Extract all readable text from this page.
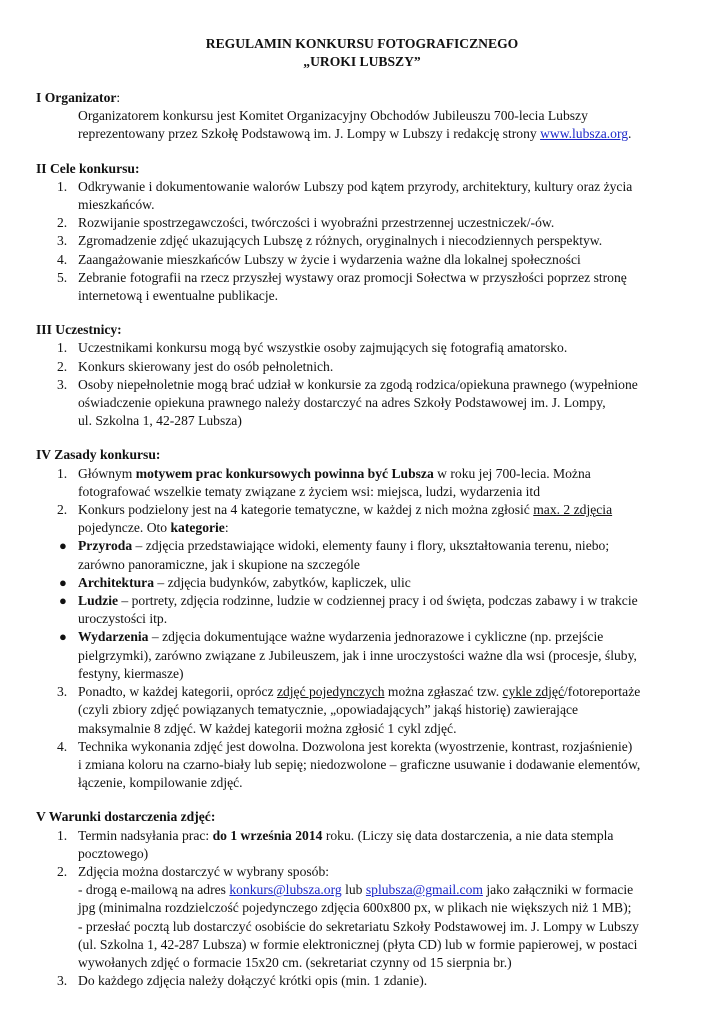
REGULAMIN KONKURSU FOTOGRAFICZNEGO
„UROKI LUBSZY”
I Organizator:
Organizatorem konkursu jest Komitet Organizacyjny Obchodów Jubileuszu 700-lecia Lubszy
reprezentowany przez Szkołę Podstawową im. J. Lompy w Lubszy i redakcję strony www.lubsza.org.
II Cele konkursu:
1. Odkrywanie i dokumentowanie walorów Lubszy pod kątem przyrody, architektury, kultury oraz życia
mieszkańców.
2. Rozwijanie spostrzegawczości, twórczości i wyobraźni przestrzennej uczestniczek/-ów.
3. Zgromadzenie zdjęć ukazujących Lubszę z różnych, oryginalnych i niecodziennych perspektyw.
4. Zaangażowanie mieszkańców Lubszy w życie i wydarzenia ważne dla lokalnej społeczności
5. Zebranie fotografii na rzecz przyszłej wystawy oraz promocji Sołectwa w przyszłości poprzez stronę
internetową i ewentualne publikacje.
III Uczestnicy:
1. Uczestnikami konkursu mogą być wszystkie osoby zajmujących się fotografią amatorsko.
2. Konkurs skierowany jest do osób pełnoletnich.
3. Osoby niepełnoletnie mogą brać udział w konkursie za zgodą rodzica/opiekuna prawnego (wypełnione
oświadczenie opiekuna prawnego należy dostarczyć na adres Szkoły Podstawowej im. J. Lompy,
ul. Szkolna 1, 42-287 Lubsza)
IV Zasady konkursu:
1. Głównym motywem prac konkursowych powinna być Lubsza w roku jej 700-lecia. Można
fotografować wszelkie tematy związane z życiem wsi: miejsca, ludzi, wydarzenia itd
2. Konkurs podzielony jest na 4 kategorie tematyczne, w każdej z nich można zgłosić max. 2 zdjęcia
pojedyncze. Oto kategorie:
● Przyroda – zdjęcia przedstawiające widoki, elementy fauny i flory, ukształtowania terenu, niebo;
zarówno panoramiczne, jak i skupione na szczególe
● Architektura – zdjęcia budynków, zabytków, kapliczek, ulic
● Ludzie – portrety, zdjęcia rodzinne, ludzie w codziennej pracy i od święta, podczas zabawy i w trakcie
uroczystości itp.
● Wydarzenia – zdjęcia dokumentujące ważne wydarzenia jednorazowe i cykliczne (np. przejście
pielgrzymki), zarówno związane z Jubileuszem, jak i inne uroczystości ważne dla wsi (procesje, śluby,
festyny, kiermasze)
3. Ponadto, w każdej kategorii, oprócz zdjęć pojedynczych można zgłaszać tzw. cykle zdjęć/fotoreportaże
(czyli zbiory zdjęć powiązanych tematycznie, „opowiadających” jakąś historię) zawierające
maksymalnie 8 zdjęć. W każdej kategorii można zgłosić 1 cykl zdjęć.
4. Technika wykonania zdjęć jest dowolna. Dozwolona jest korekta (wyostrzenie, kontrast, rozjaśnienie)
i zmiana koloru na czarno-biały lub sepię; niedozwolone – graficzne usuwanie i dodawanie elementów,
łączenie, kompilowanie zdjęć.
V Warunki dostarczenia zdjęć:
1. Termin nadsyłania prac: do 1 września 2014 roku. (Liczy się data dostarczenia, a nie data stempla
pocztowego)
2. Zdjęcia można dostarczyć w wybrany sposób:
- drogą e-mailową na adres konkurs@lubsza.org lub splubsza@gmail.com jako załączniki w formacie
jpg (minimalna rozdzielczość pojedynczego zdjęcia 600x800 px, w plikach nie większych niż 1 MB);
- przesłać pocztą lub dostarczyć osobiście do sekretariatu Szkoły Podstawowej im. J. Lompy w Lubszy
(ul. Szkolna 1, 42-287 Lubsza) w formie elektronicznej (płyta CD) lub w formie papierowej, w postaci
wywołanych zdjęć o formacie 15x20 cm. (sekretariat czynny od 15 sierpnia br.)
3. Do każdego zdjęcia należy dołączyć krótki opis (min. 1 zdanie).
